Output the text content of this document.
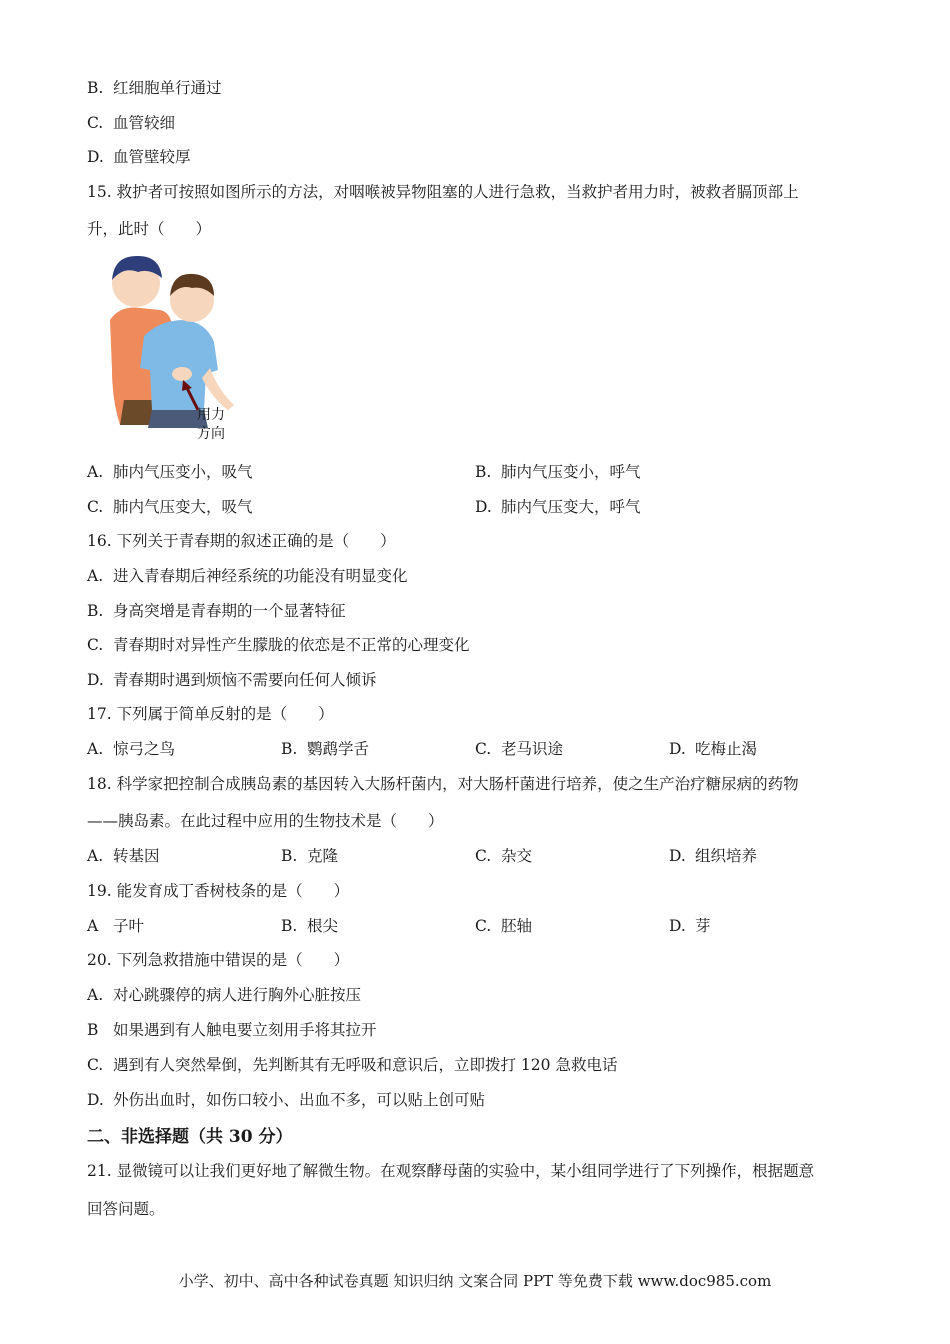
B. 红细胞单行通过
C. 血管较细
D. 血管壁较厚
15. 救护者可按照如图所示的方法，对咽喉被异物阻塞的人进行急救，当救护者用力时，被救者膈顶部上
升，此时（　　）
用力
方向
A. 肺内气压变小，吸气	B. 肺内气压变小，呼气
C. 肺内气压变大，吸气	D. 肺内气压变大，呼气
16. 下列关于青春期的叙述正确的是（　　）
A. 进入青春期后神经系统的功能没有明显变化
B. 身高突增是青春期的一个显著特征
C. 青春期时对异性产生朦胧的依恋是不正常的心理变化
D. 青春期时遇到烦恼不需要向任何人倾诉
17. 下列属于简单反射的是（　　）
A. 惊弓之鸟	B. 鹦鹉学舌	C. 老马识途	D. 吃梅止渴
18. 科学家把控制合成胰岛素的基因转入大肠杆菌内，对大肠杆菌进行培养，使之生产治疗糖尿病的药物
——胰岛素。在此过程中应用的生物技术是（　　）
A. 转基因	B. 克隆	C. 杂交	D. 组织培养
19. 能发育成丁香树枝条的是（　　）
A 子叶	B. 根尖	C. 胚轴	D. 芽
20. 下列急救措施中错误的是（　　）
A. 对心跳骤停的病人进行胸外心脏按压
B 如果遇到有人触电要立刻用手将其拉开
C. 遇到有人突然晕倒，先判断其有无呼吸和意识后，立即拨打 120 急救电话
D. 外伤出血时，如伤口较小、出血不多，可以贴上创可贴
二、非选择题（共 30 分）
21. 显微镜可以让我们更好地了解微生物。在观察酵母菌的实验中，某小组同学进行了下列操作，根据题意
回答问题。
小学、初中、高中各种试卷真题 知识归纳 文案合同 PPT 等免费下载 www.doc985.com
